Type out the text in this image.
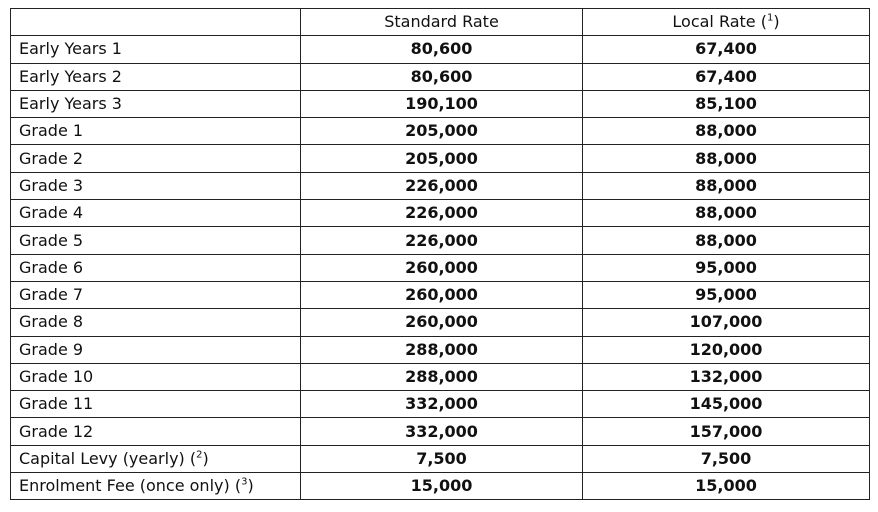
	Standard Rate	Local Rate ($^1$)
Early Years 1	80,600	67,400
Early Years 2	80,600	67,400
Early Years 3	190,100	85,100
Grade 1	205,000	88,000
Grade 2	205,000	88,000
Grade 3	226,000	88,000
Grade 4	226,000	88,000
Grade 5	226,000	88,000
Grade 6	260,000	95,000
Grade 7	260,000	95,000
Grade 8	260,000	107,000
Grade 9	288,000	120,000
Grade 10	288,000	132,000
Grade 11	332,000	145,000
Grade 12	332,000	157,000
Capital Levy (yearly) ($^2$)	7,500	7,500
Enrolment Fee (once only) ($^3$)	15,000	15,000
